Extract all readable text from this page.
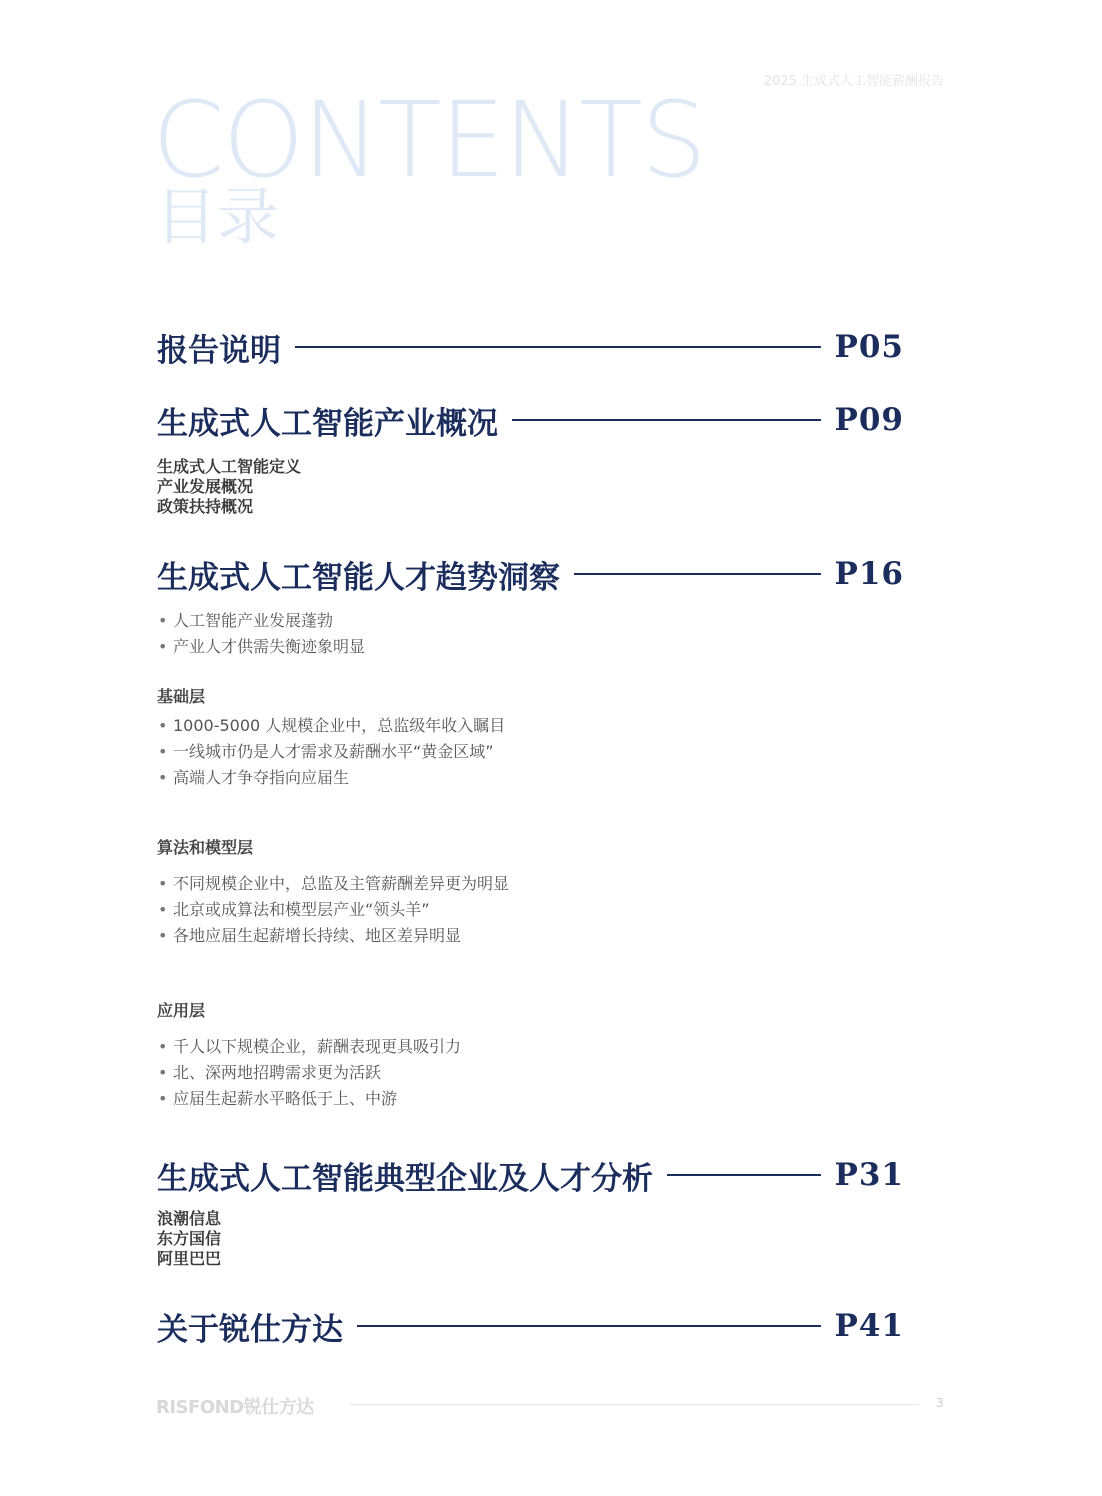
2025 生成式人工智能薪酬报告
CONTENTS
目录
报告说明	P05
生成式人工智能产业概况	P09
生成式人工智能定义
产业发展概况
政策扶持概况
生成式人工智能人才趋势洞察	P16
• 人工智能产业发展蓬勃
• 产业人才供需失衡迹象明显
基础层
• 1000-5000 人规模企业中，总监级年收入瞩目
• 一线城市仍是人才需求及薪酬水平“黄金区域”
• 高端人才争夺指向应届生
算法和模型层
• 不同规模企业中，总监及主管薪酬差异更为明显
• 北京或成算法和模型层产业“领头羊”
• 各地应届生起薪增长持续、地区差异明显
应用层
• 千人以下规模企业，薪酬表现更具吸引力
• 北、深两地招聘需求更为活跃
• 应届生起薪水平略低于上、中游
生成式人工智能典型企业及人才分析	P31
浪潮信息
东方国信
阿里巴巴
关于锐仕方达	P41
RISFOND锐仕方达	3
